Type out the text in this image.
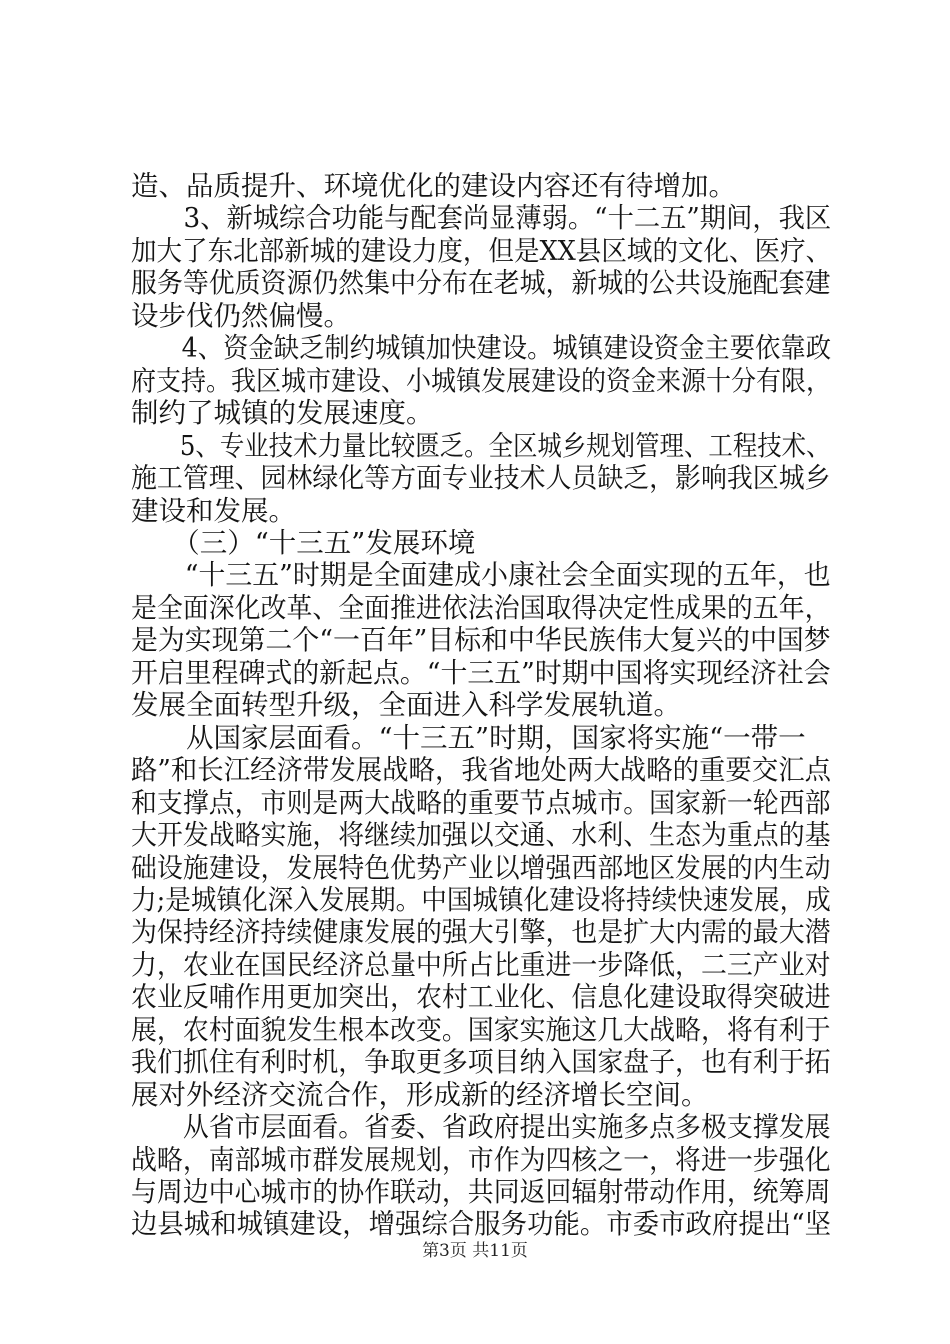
造、品质提升、环境优化的建设内容还有待增加。

　　3、新城综合功能与配套尚显薄弱。“十二五”期间，我区

加大了东北部新城的建设力度，但是XX县区域的文化、医疗、

服务等优质资源仍然集中分布在老城，新城的公共设施配套建

设步伐仍然偏慢。

　　4、资金缺乏制约城镇加快建设。城镇建设资金主要依靠政

府支持。我区城市建设、小城镇发展建设的资金来源十分有限，

制约了城镇的发展速度。

　　5、专业技术力量比较匮乏。全区城乡规划管理、工程技术、

施工管理、园林绿化等方面专业技术人员缺乏，影响我区城乡

建设和发展。

　　（三）“十三五”发展环境

　　“十三五”时期是全面建成小康社会全面实现的五年，也

是全面深化改革、全面推进依法治国取得决定性成果的五年，

是为实现第二个“一百年”目标和中华民族伟大复兴的中国梦

开启里程碑式的新起点。“十三五”时期中国将实现经济社会

发展全面转型升级，全面进入科学发展轨道。

　　从国家层面看。“十三五”时期，国家将实施“一带一

路”和长江经济带发展战略，我省地处两大战略的重要交汇点

和支撑点，市则是两大战略的重要节点城市。国家新一轮西部

大开发战略实施，将继续加强以交通、水利、生态为重点的基

础设施建设，发展特色优势产业以增强西部地区发展的内生动

力;是城镇化深入发展期。中国城镇化建设将持续快速发展，成

为保持经济持续健康发展的强大引擎，也是扩大内需的最大潜

力，农业在国民经济总量中所占比重进一步降低，二三产业对

农业反哺作用更加突出，农村工业化、信息化建设取得突破进

展，农村面貌发生根本改变。国家实施这几大战略，将有利于

我们抓住有利时机，争取更多项目纳入国家盘子，也有利于拓

展对外经济交流合作，形成新的经济增长空间。

　　从省市层面看。省委、省政府提出实施多点多极支撑发展

战略，南部城市群发展规划，市作为四核之一，将进一步强化

与周边中心城市的协作联动，共同返回辐射带动作用，统筹周

边县城和城镇建设，增强综合服务功能。市委市政府提出“坚

第3页 共11页
